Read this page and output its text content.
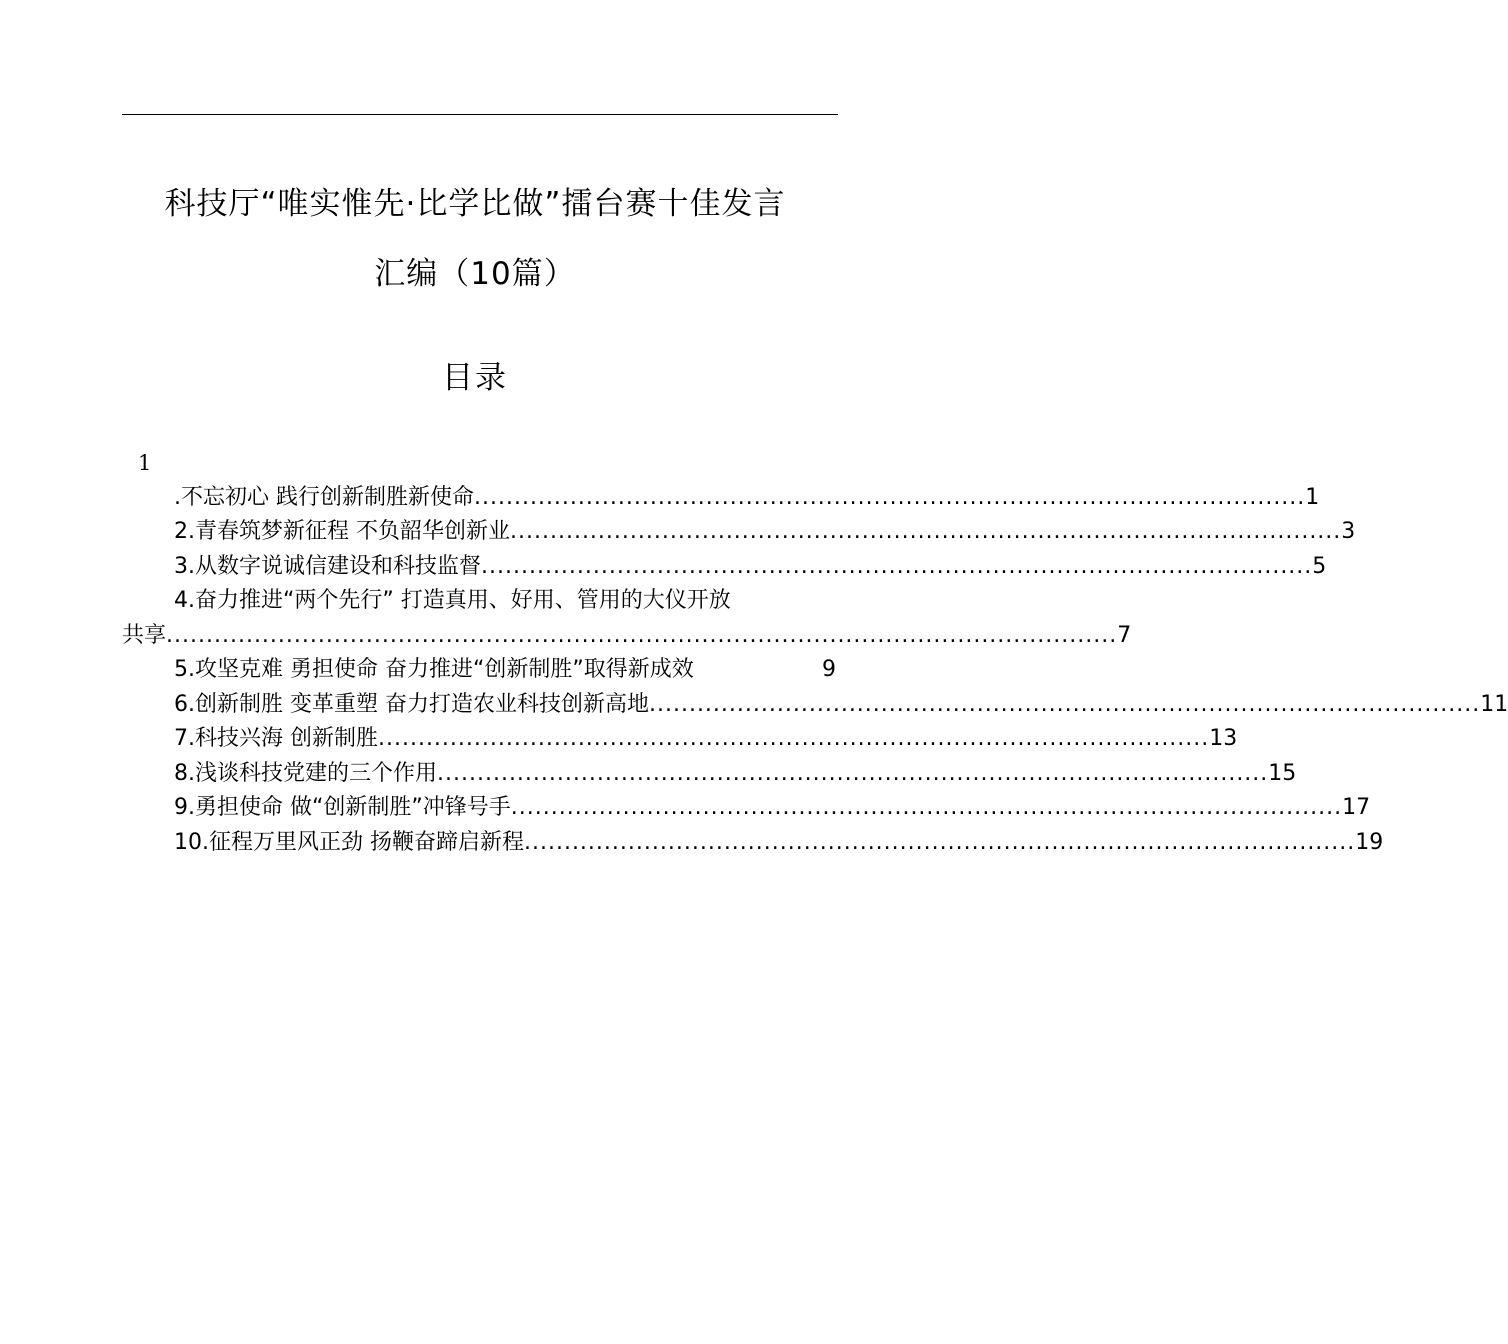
科技厅“唯实惟先·比学比做”擂台赛十佳发言
汇编（10篇）
目录
1
.不忘初心 践行创新制胜新使命 ........................................................................................................ 1
2.青春筑梦新征程 不负韶华创新业 ........................................................................................................ 3
3.从数字说诚信建设和科技监督 ........................................................................................................ 5
4.奋力推进“两个先行” 打造真用、好用、管用的大仪开放
共享 ....................................................................................................................... 7
5.攻坚克难 勇担使命 奋力推进“创新制胜”取得新成效
	9
6.创新制胜 变革重塑 奋力打造农业科技创新高地 ........................................................................................................ 11
7.科技兴海 创新制胜 ........................................................................................................ 13
8.浅谈科技党建的三个作用 ........................................................................................................ 15
9.勇担使命 做“创新制胜”冲锋号手 ........................................................................................................ 17
10.征程万里风正劲 扬鞭奋蹄启新程 ........................................................................................................ 19
